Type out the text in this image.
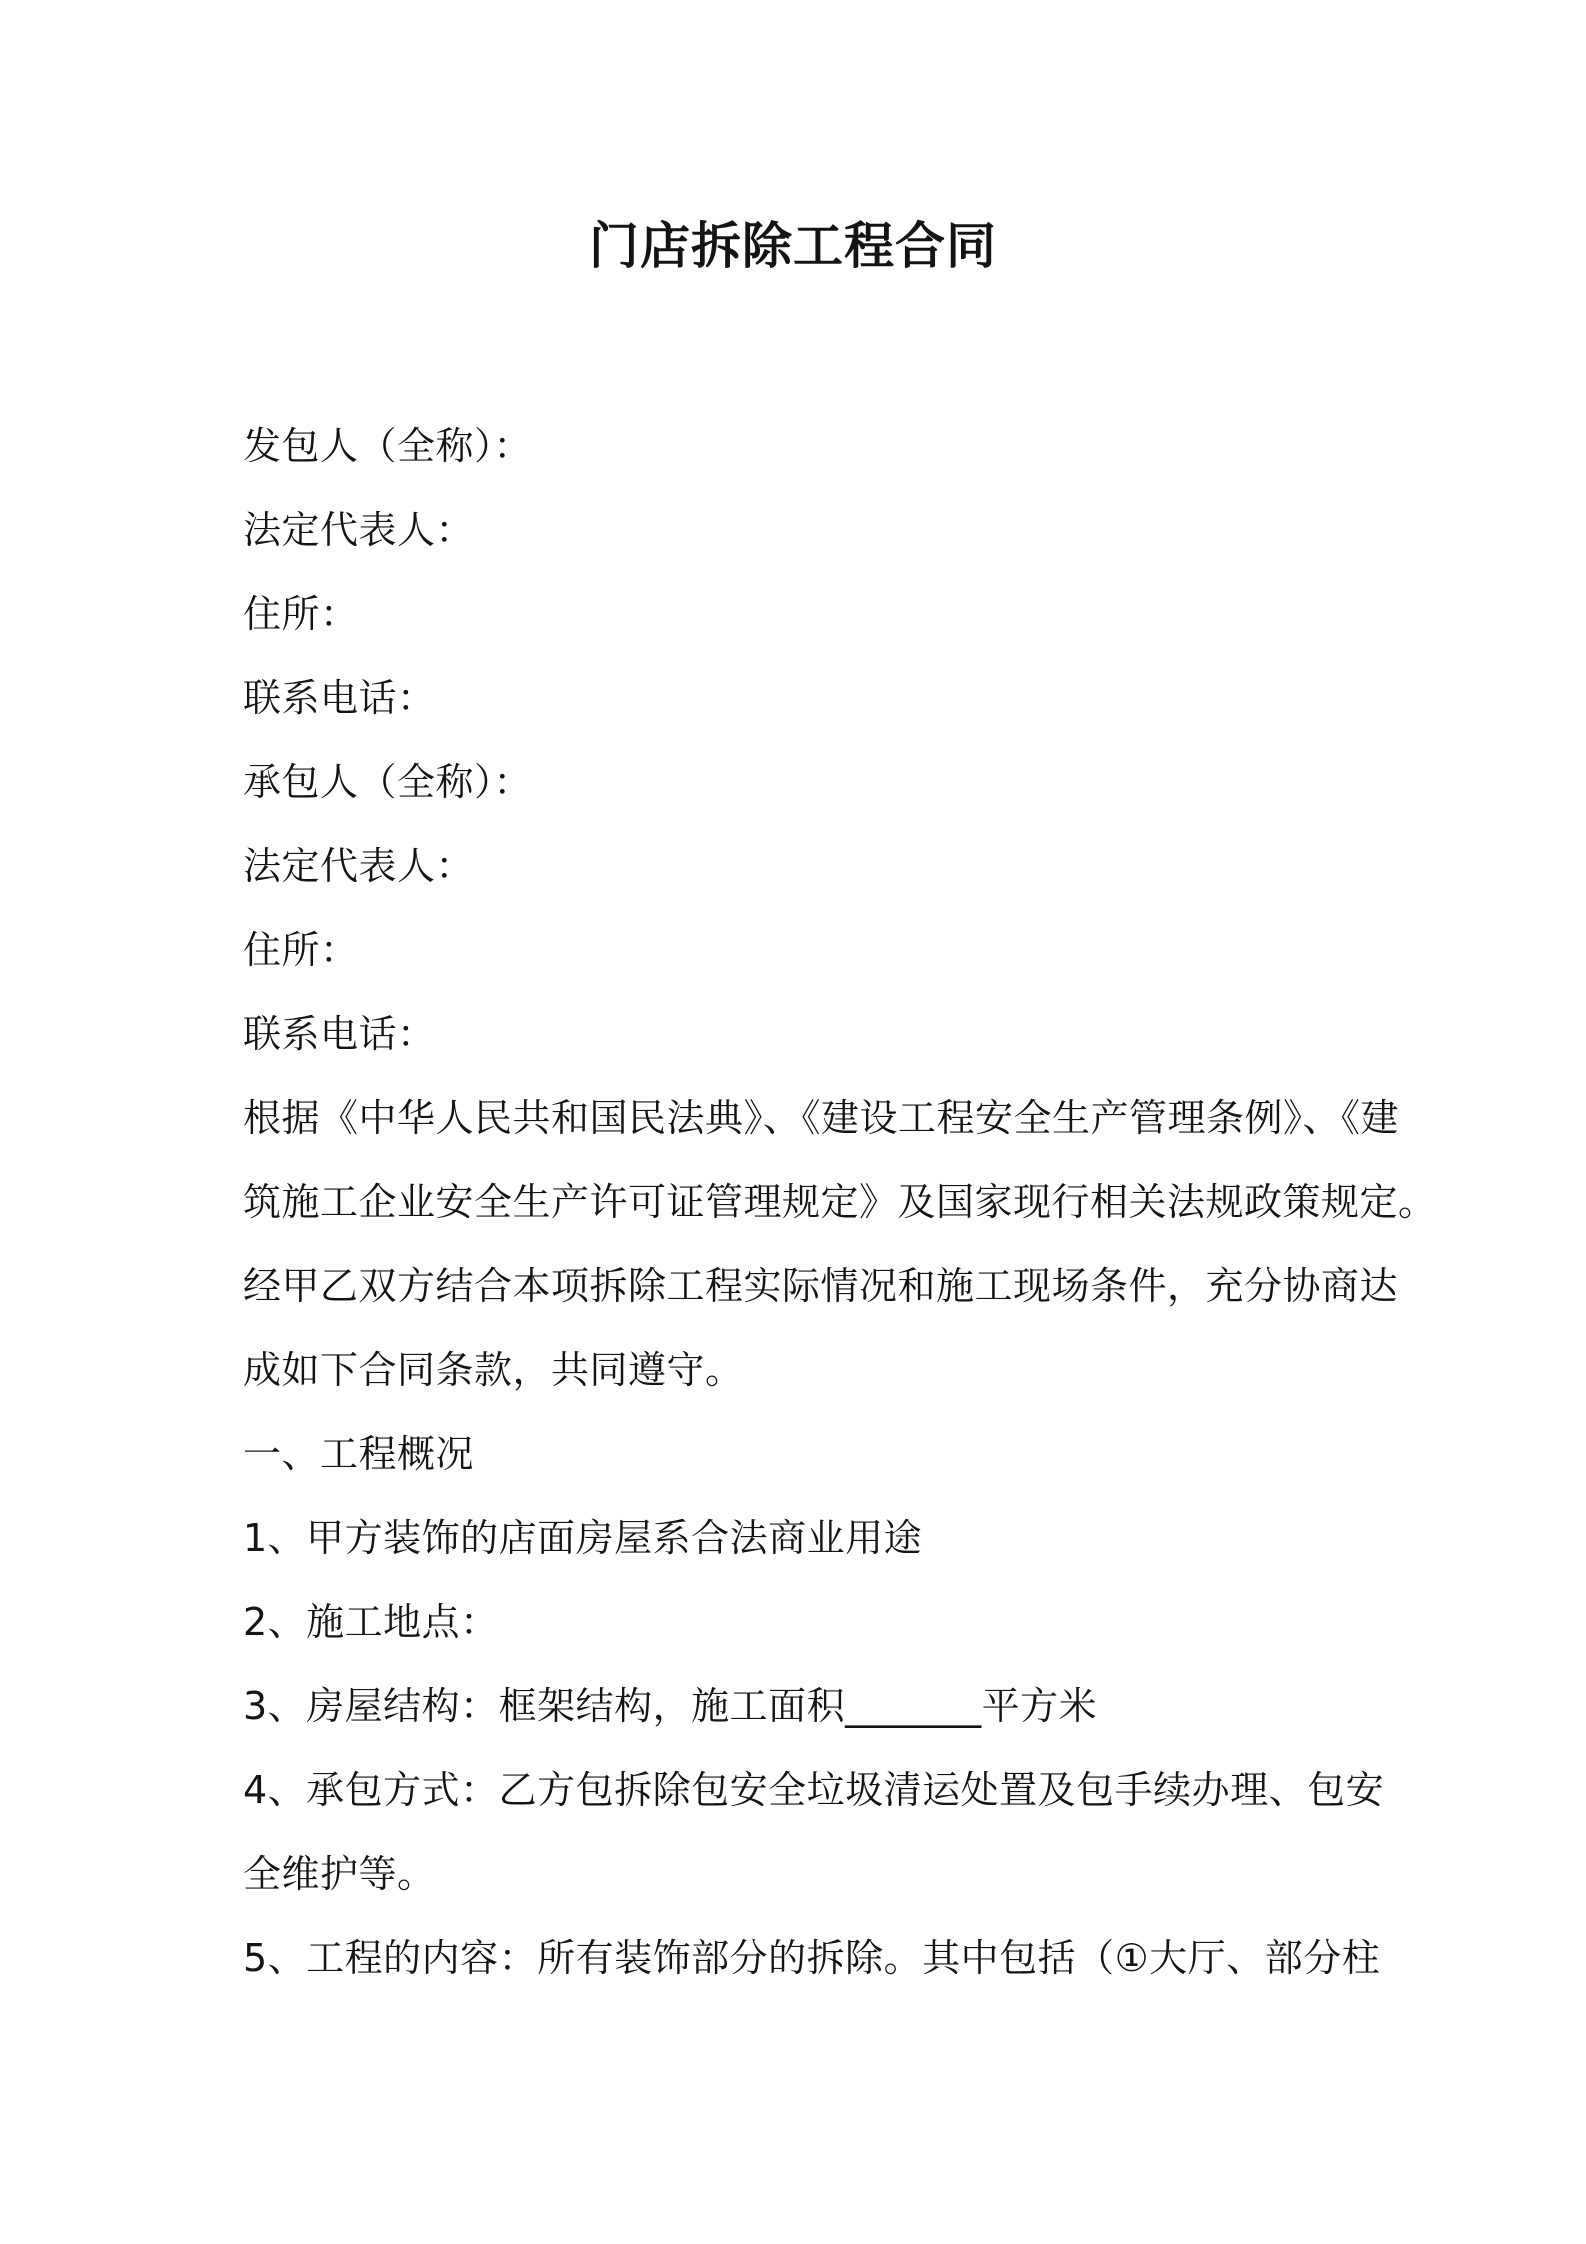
门店拆除工程合同

发包人（全称）：

法定代表人：

住所：

联系电话：

承包人（全称）：

法定代表人：

住所：

联系电话：

根据《中华人民共和国民法典》、《建设工程安全生产管理条例》、《建

筑施工企业安全生产许可证管理规定》及国家现行相关法规政策规定。

经甲乙双方结合本项拆除工程实际情况和施工现场条件，充分协商达

成如下合同条款，共同遵守。

一、工程概况

1、甲方装饰的店面房屋系合法商业用途

2、施工地点：

3、房屋结构：框架结构，施工面积_______平方米

4、承包方式：乙方包拆除包安全垃圾清运处置及包手续办理、包安

全维护等。

5、工程的内容：所有装饰部分的拆除。其中包括（①大厅、部分柱
